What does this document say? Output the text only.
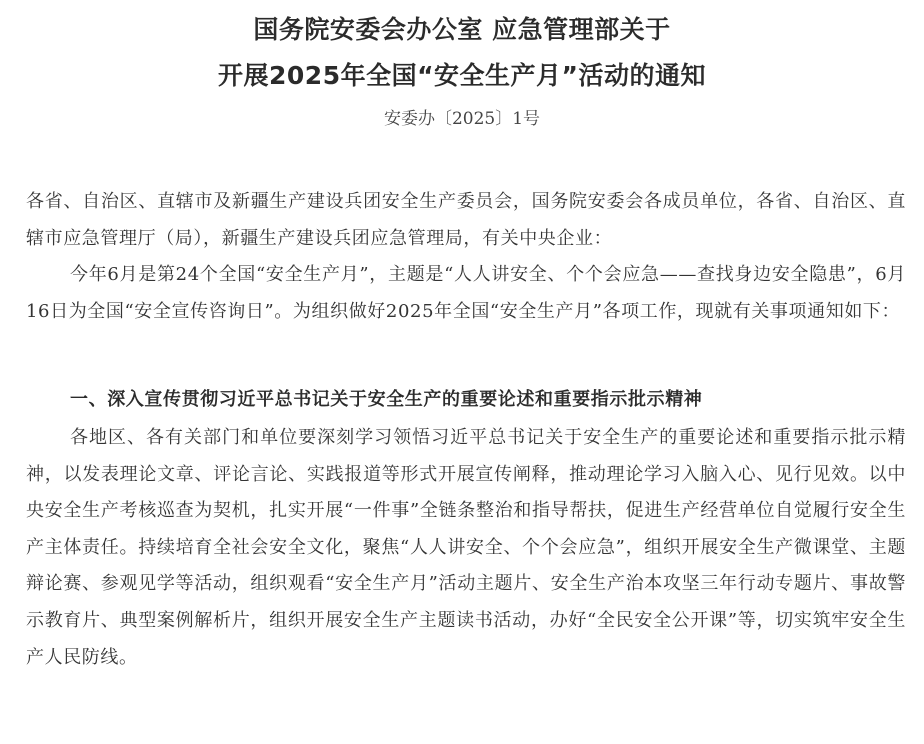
国务院安委会办公室 应急管理部关于
开展2025年全国“安全生产月”活动的通知
安委办〔2025〕1号

各省、自治区、直辖市及新疆生产建设兵团安全生产委员会，国务院安委会各成员单位，各省、自治区、直辖市应急管理厅（局），新疆生产建设兵团应急管理局，有关中央企业：

今年6月是第24个全国“安全生产月”，主题是“人人讲安全、个个会应急——查找身边安全隐患”，6月16日为全国“安全宣传咨询日”。为组织做好2025年全国“安全生产月”各项工作，现就有关事项通知如下：

一、深入宣传贯彻习近平总书记关于安全生产的重要论述和重要指示批示精神

各地区、各有关部门和单位要深刻学习领悟习近平总书记关于安全生产的重要论述和重要指示批示精神，以发表理论文章、评论言论、实践报道等形式开展宣传阐释，推动理论学习入脑入心、见行见效。以中央安全生产考核巡查为契机，扎实开展“一件事”全链条整治和指导帮扶，促进生产经营单位自觉履行安全生产主体责任。持续培育全社会安全文化，聚焦“人人讲安全、个个会应急”，组织开展安全生产微课堂、主题辩论赛、参观见学等活动，组织观看“安全生产月”活动主题片、安全生产治本攻坚三年行动专题片、事故警示教育片、典型案例解析片，组织开展安全生产主题读书活动，办好“全民安全公开课”等，切实筑牢安全生产人民防线。
